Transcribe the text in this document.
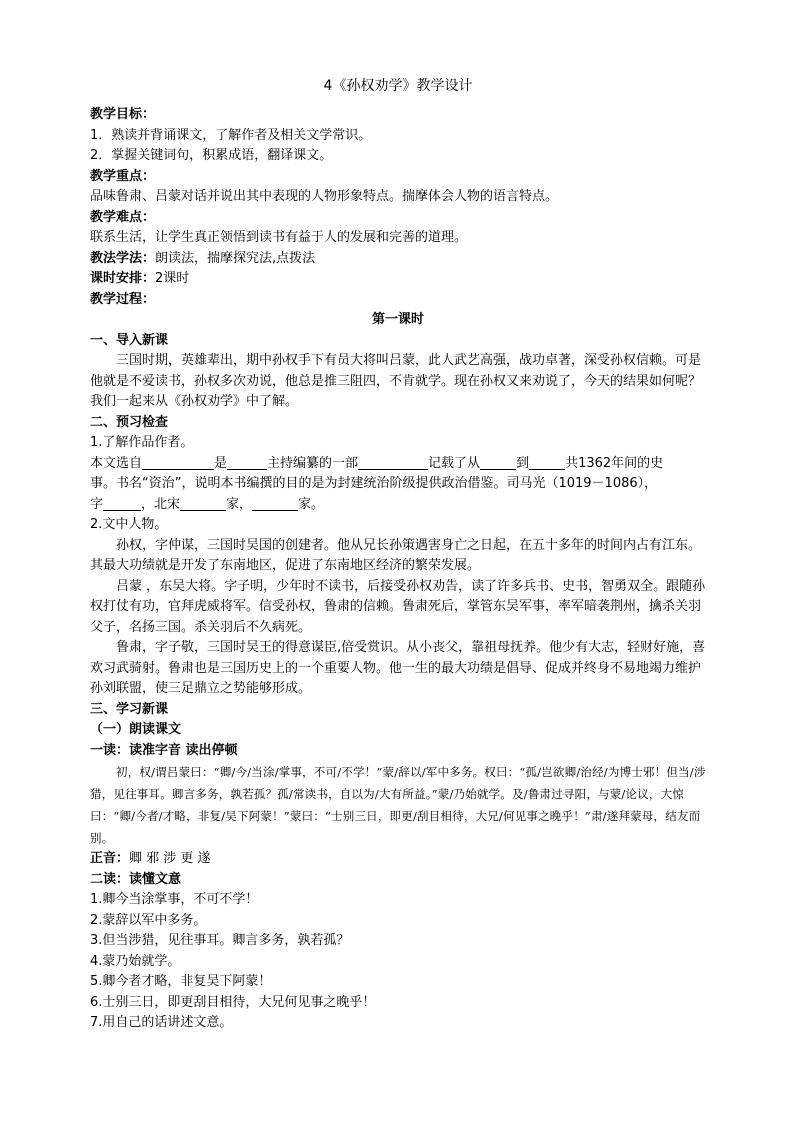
4《孙权劝学》教学设计
教学目标：
1．熟读并背诵课文，了解作者及相关文学常识。
2．掌握关键词句，积累成语，翻译课文。
教学重点：
品味鲁肃、吕蒙对话并说出其中表现的人物形象特点。揣摩体会人物的语言特点。
教学难点：
联系生活，让学生真正领悟到读书有益于人的发展和完善的道理。
教法学法：朗读法，揣摩探究法,点拨法
课时安排：2课时
教学过程：
第一课时
一、导入新课
三国时期，英雄辈出，期中孙权手下有员大将叫吕蒙，此人武艺高强，战功卓著，深受孙权信赖。可是他就是不爱读书，孙权多次劝说，他总是推三阻四，不肯就学。现在孙权又来劝说了，今天的结果如何呢？我们一起来从《孙权劝学》中了解。
二、预习检查
1.了解作品作者。
本文选自	是	主持编纂的一部	记载了从	到	共1362年间的史
事。书名“资治”，说明本书编撰的目的是为封建统治阶级提供政治借鉴。司马光（1019－1086），
字	，北宋	家，	家。
2.文中人物。
孙权，字仲谋，三国时吴国的创建者。他从兄长孙策遇害身亡之日起，在五十多年的时间内占有江东。其最大功绩就是开发了东南地区，促进了东南地区经济的繁荣发展。
吕蒙 ，东吴大将。字子明，少年时不读书，后接受孙权劝告，读了许多兵书、史书，智勇双全。跟随孙权打仗有功，官拜虎威将军。信受孙权，鲁肃的信赖。鲁肃死后，掌管东吴军事，率军暗袭荆州，擒杀关羽父子，名扬三国。杀关羽后不久病死。
鲁肃，字子敬，三国时吴王的得意谋臣,倍受赏识。从小丧父，靠祖母抚养。他少有大志，轻财好施，喜欢习武骑射。鲁肃也是三国历史上的一个重要人物。他一生的最大功绩是倡导、促成并终身不易地竭力维护孙刘联盟，使三足鼎立之势能够形成。
三、学习新课
（一）朗读课文
一读：读准字音 读出停顿
初，权/谓吕蒙曰：“卿/今/当涂/掌事，不可/不学！”蒙/辞以/军中多务。权曰：“孤/岂欲卿/治经/为博士邪！但当/涉猎，见往事耳。卿言多务，孰若孤？孤/常读书，自以为/大有所益。”蒙/乃始就学。及/鲁肃过寻阳，与蒙/论议，大惊曰：“卿/今者/才略，非复/吴下阿蒙！”蒙曰：“士别三日，即更/刮目相待，大兄/何见事之晚乎！”肃/遂拜蒙母，结友而别。
正音：卿 邪 涉 更 遂
二读：读懂文意
1.卿今当涂掌事，不可不学！
2.蒙辞以军中多务。
3.但当涉猎，见往事耳。卿言多务，孰若孤？
4.蒙乃始就学。
5.卿今者才略，非复吴下阿蒙！
6.士别三日，即更刮目相待，大兄何见事之晚乎！
7.用自己的话讲述文意。
